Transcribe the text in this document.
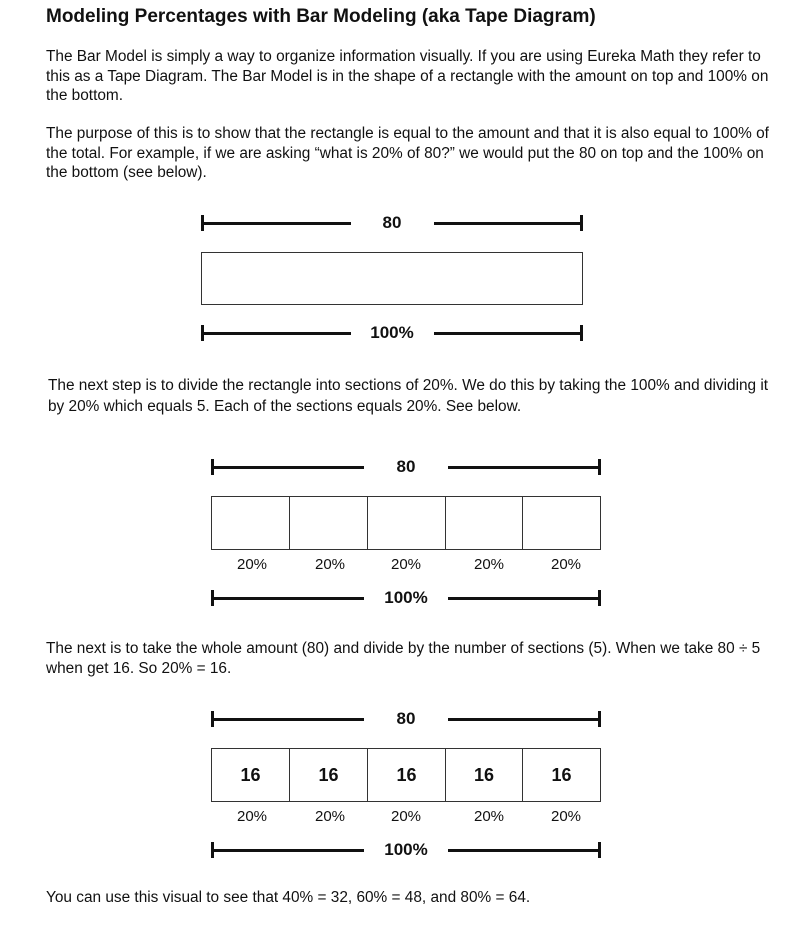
Modeling Percentages with Bar Modeling (aka Tape Diagram)
The Bar Model is simply a way to organize information visually. If you are using Eureka Math they refer to this as a Tape Diagram. The Bar Model is in the shape of a rectangle with the amount on top and 100% on the bottom.
The purpose of this is to show that the rectangle is equal to the amount and that it is also equal to 100% of the total. For example, if we are asking “what is 20% of 80?” we would put the 80 on top and the 100% on the bottom (see below).
80
100%
The next step is to divide the rectangle into sections of 20%. We do this by taking the 100% and dividing it by 20% which equals 5. Each of the sections equals 20%. See below.
80
20%	20%	20%	20%	20%
100%
The next is to take the whole amount (80) and divide by the number of sections (5). When we take 80 ÷ 5 when get 16. So 20% = 16.
80
16	16	16	16	16
20%	20%	20%	20%	20%
100%
You can use this visual to see that 40% = 32, 60% = 48, and 80% = 64.
